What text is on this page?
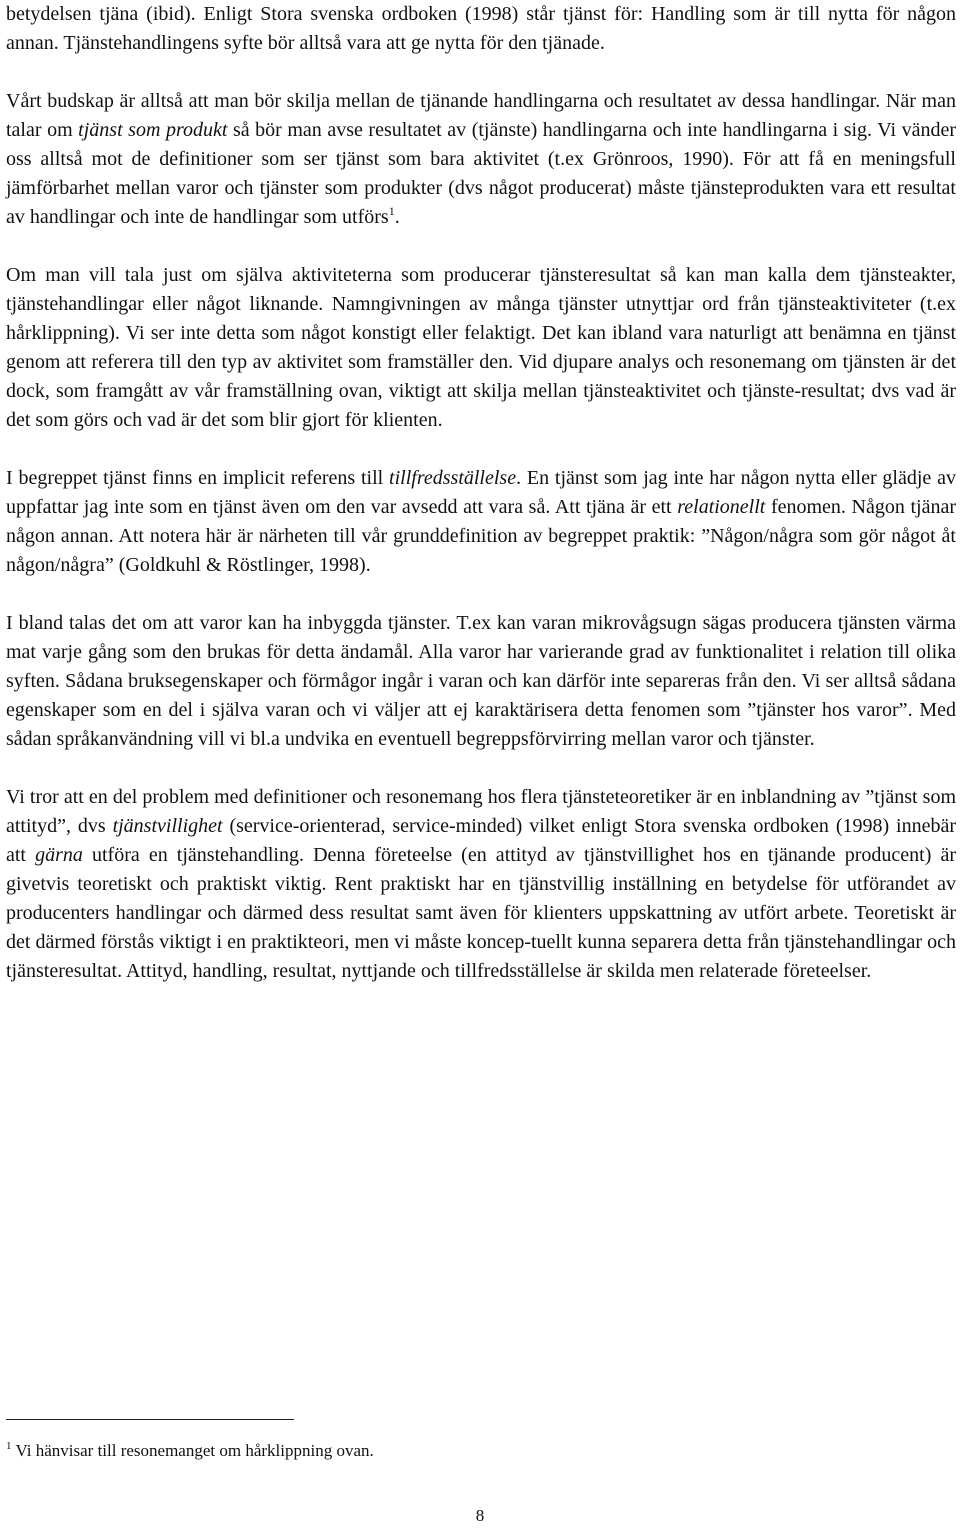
betydelsen tjäna (ibid). Enligt Stora svenska ordboken (1998) står tjänst för: Handling som är till nytta för någon annan. Tjänstehandlingens syfte bör alltså vara att ge nytta för den tjänade.

Vårt budskap är alltså att man bör skilja mellan de tjänande handlingarna och resultatet av dessa handlingar. När man talar om tjänst som produkt så bör man avse resultatet av (tjänste) handlingarna och inte handlingarna i sig. Vi vänder oss alltså mot de definitioner som ser tjänst som bara aktivitet (t.ex Grönroos, 1990). För att få en meningsfull jämförbarhet mellan varor och tjänster som produkter (dvs något producerat) måste tjänsteprodukten vara ett resultat av handlingar och inte de handlingar som utförs$^1$.

Om man vill tala just om själva aktiviteterna som producerar tjänsteresultat så kan man kalla dem tjänsteakter, tjänstehandlingar eller något liknande. Namngivningen av många tjänster utnyttjar ord från tjänsteaktiviteter (t.ex hårklippning). Vi ser inte detta som något konstigt eller felaktigt. Det kan ibland vara naturligt att benämna en tjänst genom att referera till den typ av aktivitet som framställer den. Vid djupare analys och resonemang om tjänsten är det dock, som framgått av vår framställning ovan, viktigt att skilja mellan tjänsteaktivitet och tjänste-resultat; dvs vad är det som görs och vad är det som blir gjort för klienten.

I begreppet tjänst finns en implicit referens till tillfredsställelse. En tjänst som jag inte har någon nytta eller glädje av uppfattar jag inte som en tjänst även om den var avsedd att vara så. Att tjäna är ett relationellt fenomen. Någon tjänar någon annan. Att notera här är närheten till vår grunddefinition av begreppet praktik: ”Någon/några som gör något åt någon/några” (Goldkuhl & Röstlinger, 1998).

I bland talas det om att varor kan ha inbyggda tjänster. T.ex kan varan mikrovågsugn sägas producera tjänsten värma mat varje gång som den brukas för detta ändamål. Alla varor har varierande grad av funktionalitet i relation till olika syften. Sådana bruksegenskaper och förmågor ingår i varan och kan därför inte separeras från den. Vi ser alltså sådana egenskaper som en del i själva varan och vi väljer att ej karaktärisera detta fenomen som ”tjänster hos varor”. Med sådan språkanvändning vill vi bl.a undvika en eventuell begreppsförvirring mellan varor och tjänster.

Vi tror att en del problem med definitioner och resonemang hos flera tjänsteteoretiker är en inblandning av ”tjänst som attityd”, dvs tjänstvillighet (service-orienterad, service-minded) vilket enligt Stora svenska ordboken (1998) innebär att gärna utföra en tjänstehandling. Denna företeelse (en attityd av tjänstvillighet hos en tjänande producent) är givetvis teoretiskt och praktiskt viktig. Rent praktiskt har en tjänstvillig inställning en betydelse för utförandet av producenters handlingar och därmed dess resultat samt även för klienters uppskattning av utfört arbete. Teoretiskt är det därmed förstås viktigt i en praktikteori, men vi måste koncep-tuellt kunna separera detta från tjänstehandlingar och tjänsteresultat. Attityd, handling, resultat, nyttjande och tillfredsställelse är skilda men relaterade företeelser.

$^1$ Vi hänvisar till resonemanget om hårklippning ovan.
8
